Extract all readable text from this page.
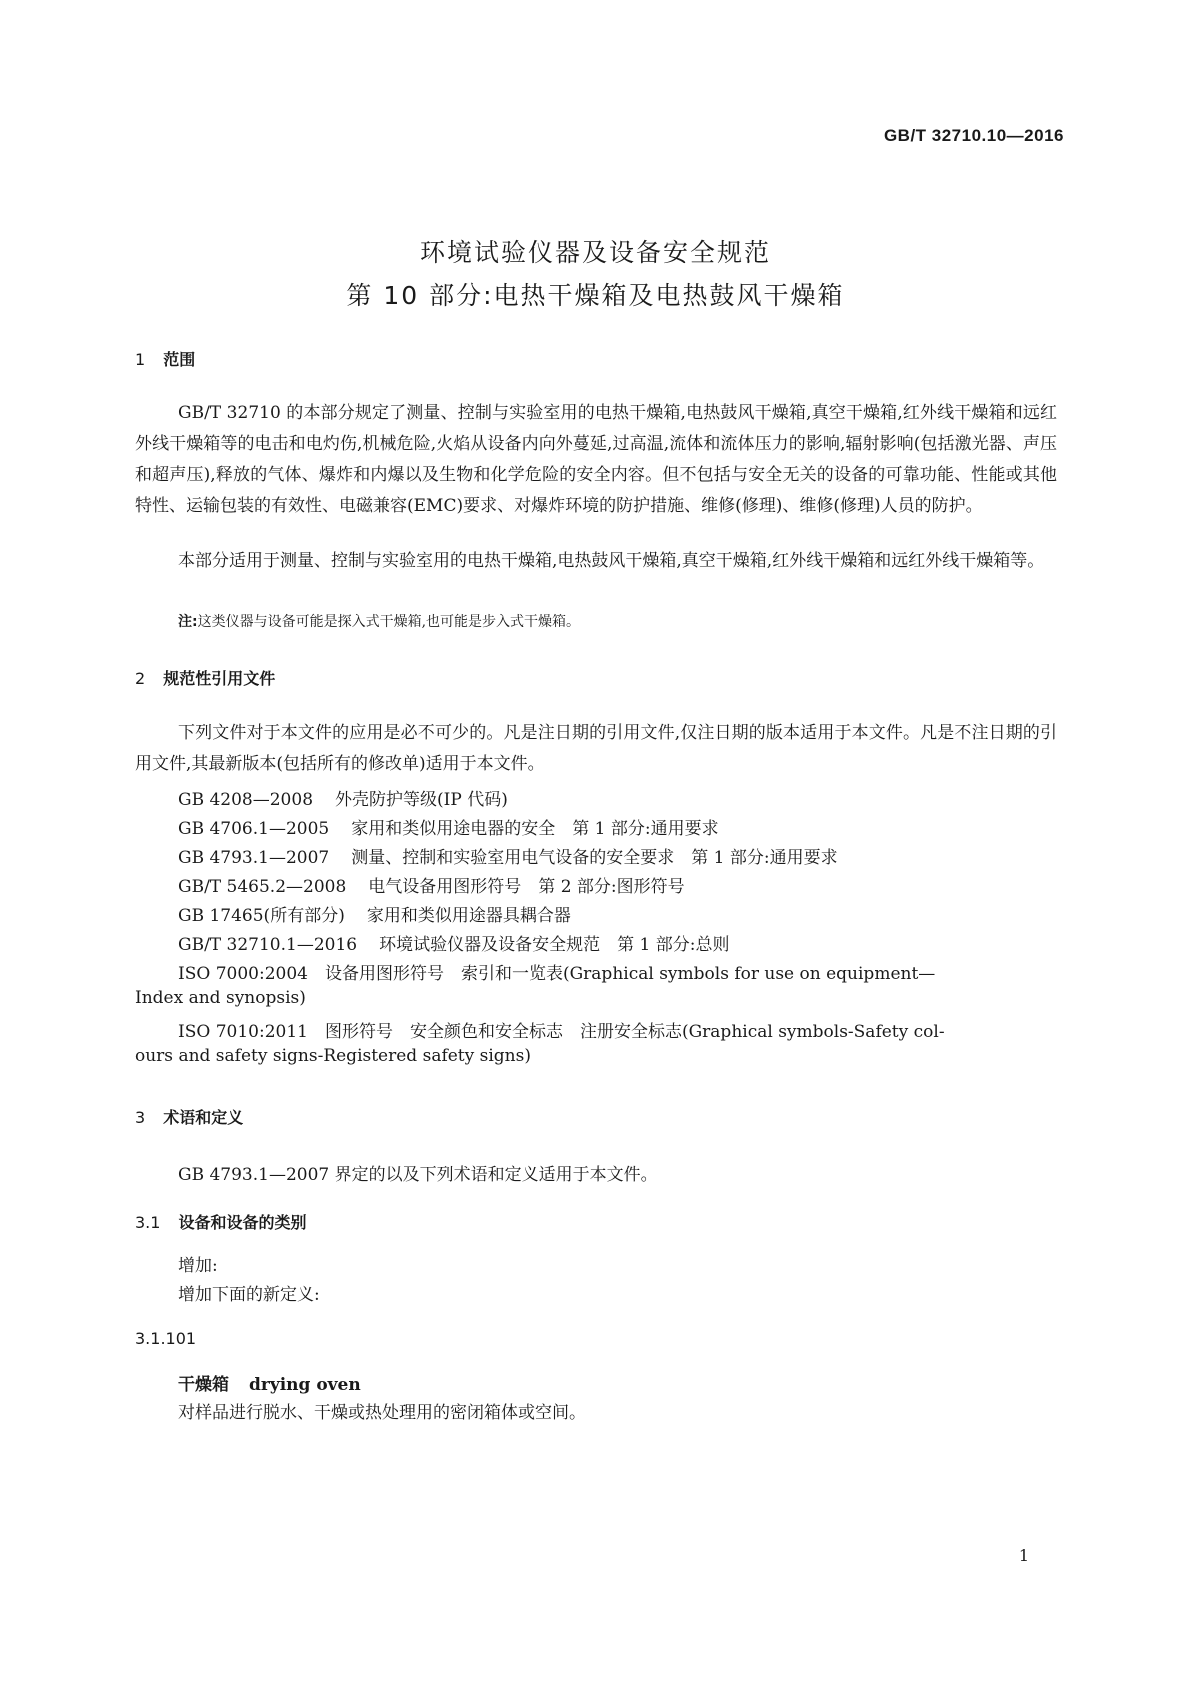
GB/T 32710.10—2016
环境试验仪器及设备安全规范
第 10 部分:电热干燥箱及电热鼓风干燥箱
1 范围
GB/T 32710 的本部分规定了测量、控制与实验室用的电热干燥箱,电热鼓风干燥箱,真空干燥箱,红外线干燥箱和远红外线干燥箱等的电击和电灼伤,机械危险,火焰从设备内向外蔓延,过高温,流体和流体压力的影响,辐射影响(包括激光器、声压和超声压),释放的气体、爆炸和内爆以及生物和化学危险的安全内容。但不包括与安全无关的设备的可靠功能、性能或其他特性、运输包装的有效性、电磁兼容(EMC)要求、对爆炸环境的防护措施、维修(修理)、维修(修理)人员的防护。
本部分适用于测量、控制与实验室用的电热干燥箱,电热鼓风干燥箱,真空干燥箱,红外线干燥箱和远红外线干燥箱等。
注:这类仪器与设备可能是探入式干燥箱,也可能是步入式干燥箱。
2 规范性引用文件
下列文件对于本文件的应用是必不可少的。凡是注日期的引用文件,仅注日期的版本适用于本文件。凡是不注日期的引用文件,其最新版本(包括所有的修改单)适用于本文件。
GB 4208—2008 外壳防护等级(IP 代码)
GB 4706.1—2005 家用和类似用途电器的安全　第 1 部分:通用要求
GB 4793.1—2007 测量、控制和实验室用电气设备的安全要求　第 1 部分:通用要求
GB/T 5465.2—2008 电气设备用图形符号　第 2 部分:图形符号
GB 17465(所有部分) 家用和类似用途器具耦合器
GB/T 32710.1—2016 环境试验仪器及设备安全规范　第 1 部分:总则
ISO 7000:2004　设备用图形符号　索引和一览表(Graphical symbols for use on equipment—
Index and synopsis)
ISO 7010:2011　图形符号　安全颜色和安全标志　注册安全标志(Graphical symbols-Safety col-
ours and safety signs-Registered safety signs)
3 术语和定义
GB 4793.1—2007 界定的以及下列术语和定义适用于本文件。
3.1 设备和设备的类别
增加:
增加下面的新定义:
3.1.101
干燥箱 drying oven
对样品进行脱水、干燥或热处理用的密闭箱体或空间。
1
